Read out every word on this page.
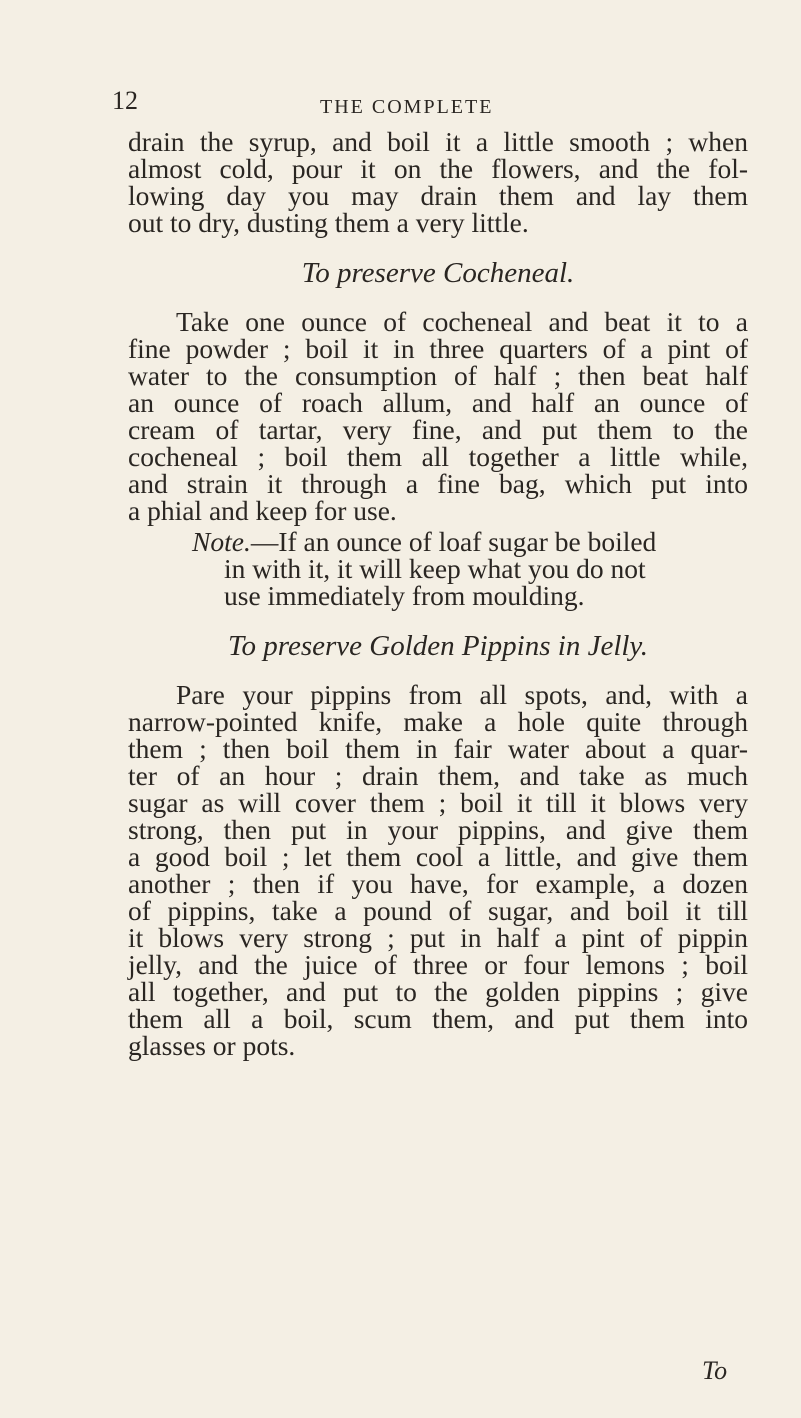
12	THE COMPLETE
drain the syrup, and boil it a little smooth ; when
almost cold, pour it on the flowers, and the fol-
lowing day you may drain them and lay them
out to dry, dusting them a very little.
To preserve Cocheneal.
Take one ounce of cocheneal and beat it to a
fine powder ; boil it in three quarters of a pint of
water to the consumption of half ; then beat half
an ounce of roach allum, and half an ounce of
cream of tartar, very fine, and put them to the
cocheneal ; boil them all together a little while,
and strain it through a fine bag, which put into
a phial and keep for use.
Note.—If an ounce of loaf sugar be boiled
in with it, it will keep what you do not
use immediately from moulding.
To preserve Golden Pippins in Jelly.
Pare your pippins from all spots, and, with a
narrow-pointed knife, make a hole quite through
them ; then boil them in fair water about a quar-
ter of an hour ; drain them, and take as much
sugar as will cover them ; boil it till it blows very
strong, then put in your pippins, and give them
a good boil ; let them cool a little, and give them
another ; then if you have, for example, a dozen
of pippins, take a pound of sugar, and boil it till
it blows very strong ; put in half a pint of pippin
jelly, and the juice of three or four lemons ; boil
all together, and put to the golden pippins ; give
them all a boil, scum them, and put them into
glasses or pots.
To
